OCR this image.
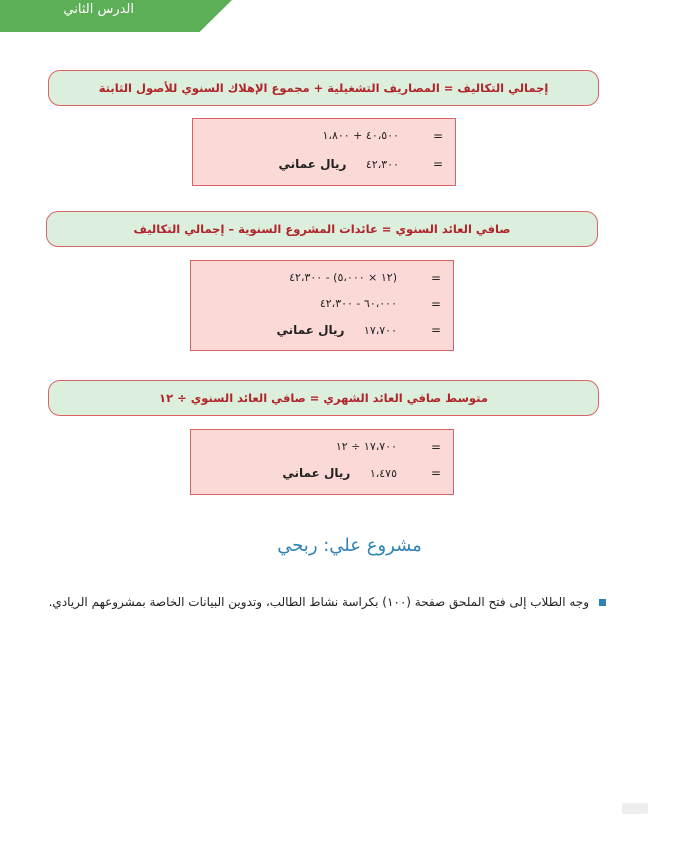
الدرس الثاني
إجمالي التكاليف = المصاريف التشغيلية + مجموع الإهلاك السنوي للأصول الثابتة
=
٤٠،٥٠٠ + ١،٨٠٠
=
٤٢،٣٠٠ ريال عماني
صافي العائد السنوي = عائدات المشروع السنوية – إجمالي التكاليف
=
(١٢ × ٥،٠٠٠) - ٤٢،٣٠٠
=
٦٠،٠٠٠ - ٤٢،٣٠٠
=
١٧،٧٠٠ ريال عماني
متوسط صافي العائد الشهري = صافي العائد السنوي ÷ ١٢
=
١٧،٧٠٠ ÷ ١٢
=
١،٤٧٥ ريال عماني
مشروع علي: ربحي
وجه الطلاب إلى فتح الملحق صفحة (١٠٠) بكراسة نشاط الطالب، وتدوين البيانات الخاصة بمشروعهم الريادي.
